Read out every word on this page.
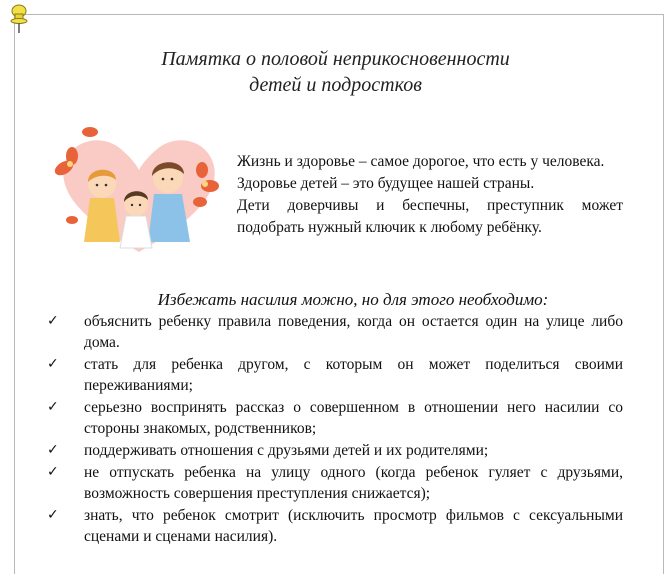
Памятка о половой неприкосновенности
детей и подростков

Жизнь и здоровье – самое дорогое, что есть у человека.

Здоровье детей – это будущее нашей страны.

Дети доверчивы и беспечны, преступник может подобрать нужный ключик к любому ребёнку.

Избежать насилия можно, но для этого необходимо:
✓ объяснить ребенку правила поведения, когда он остается один на улице либо дома.
✓ стать для ребенка другом, с которым он может поделиться своими переживаниями;
✓ серьезно воспринять рассказ о совершенном в отношении него насилии со стороны знакомых, родственников;
✓ поддерживать отношения с друзьями детей и их родителями;
✓ не отпускать ребенка на улицу одного (когда ребенок гуляет с друзьями, возможность совершения преступления снижается);
✓ знать, что ребенок смотрит (исключить просмотр фильмов с сексуальными сценами и сценами насилия).
